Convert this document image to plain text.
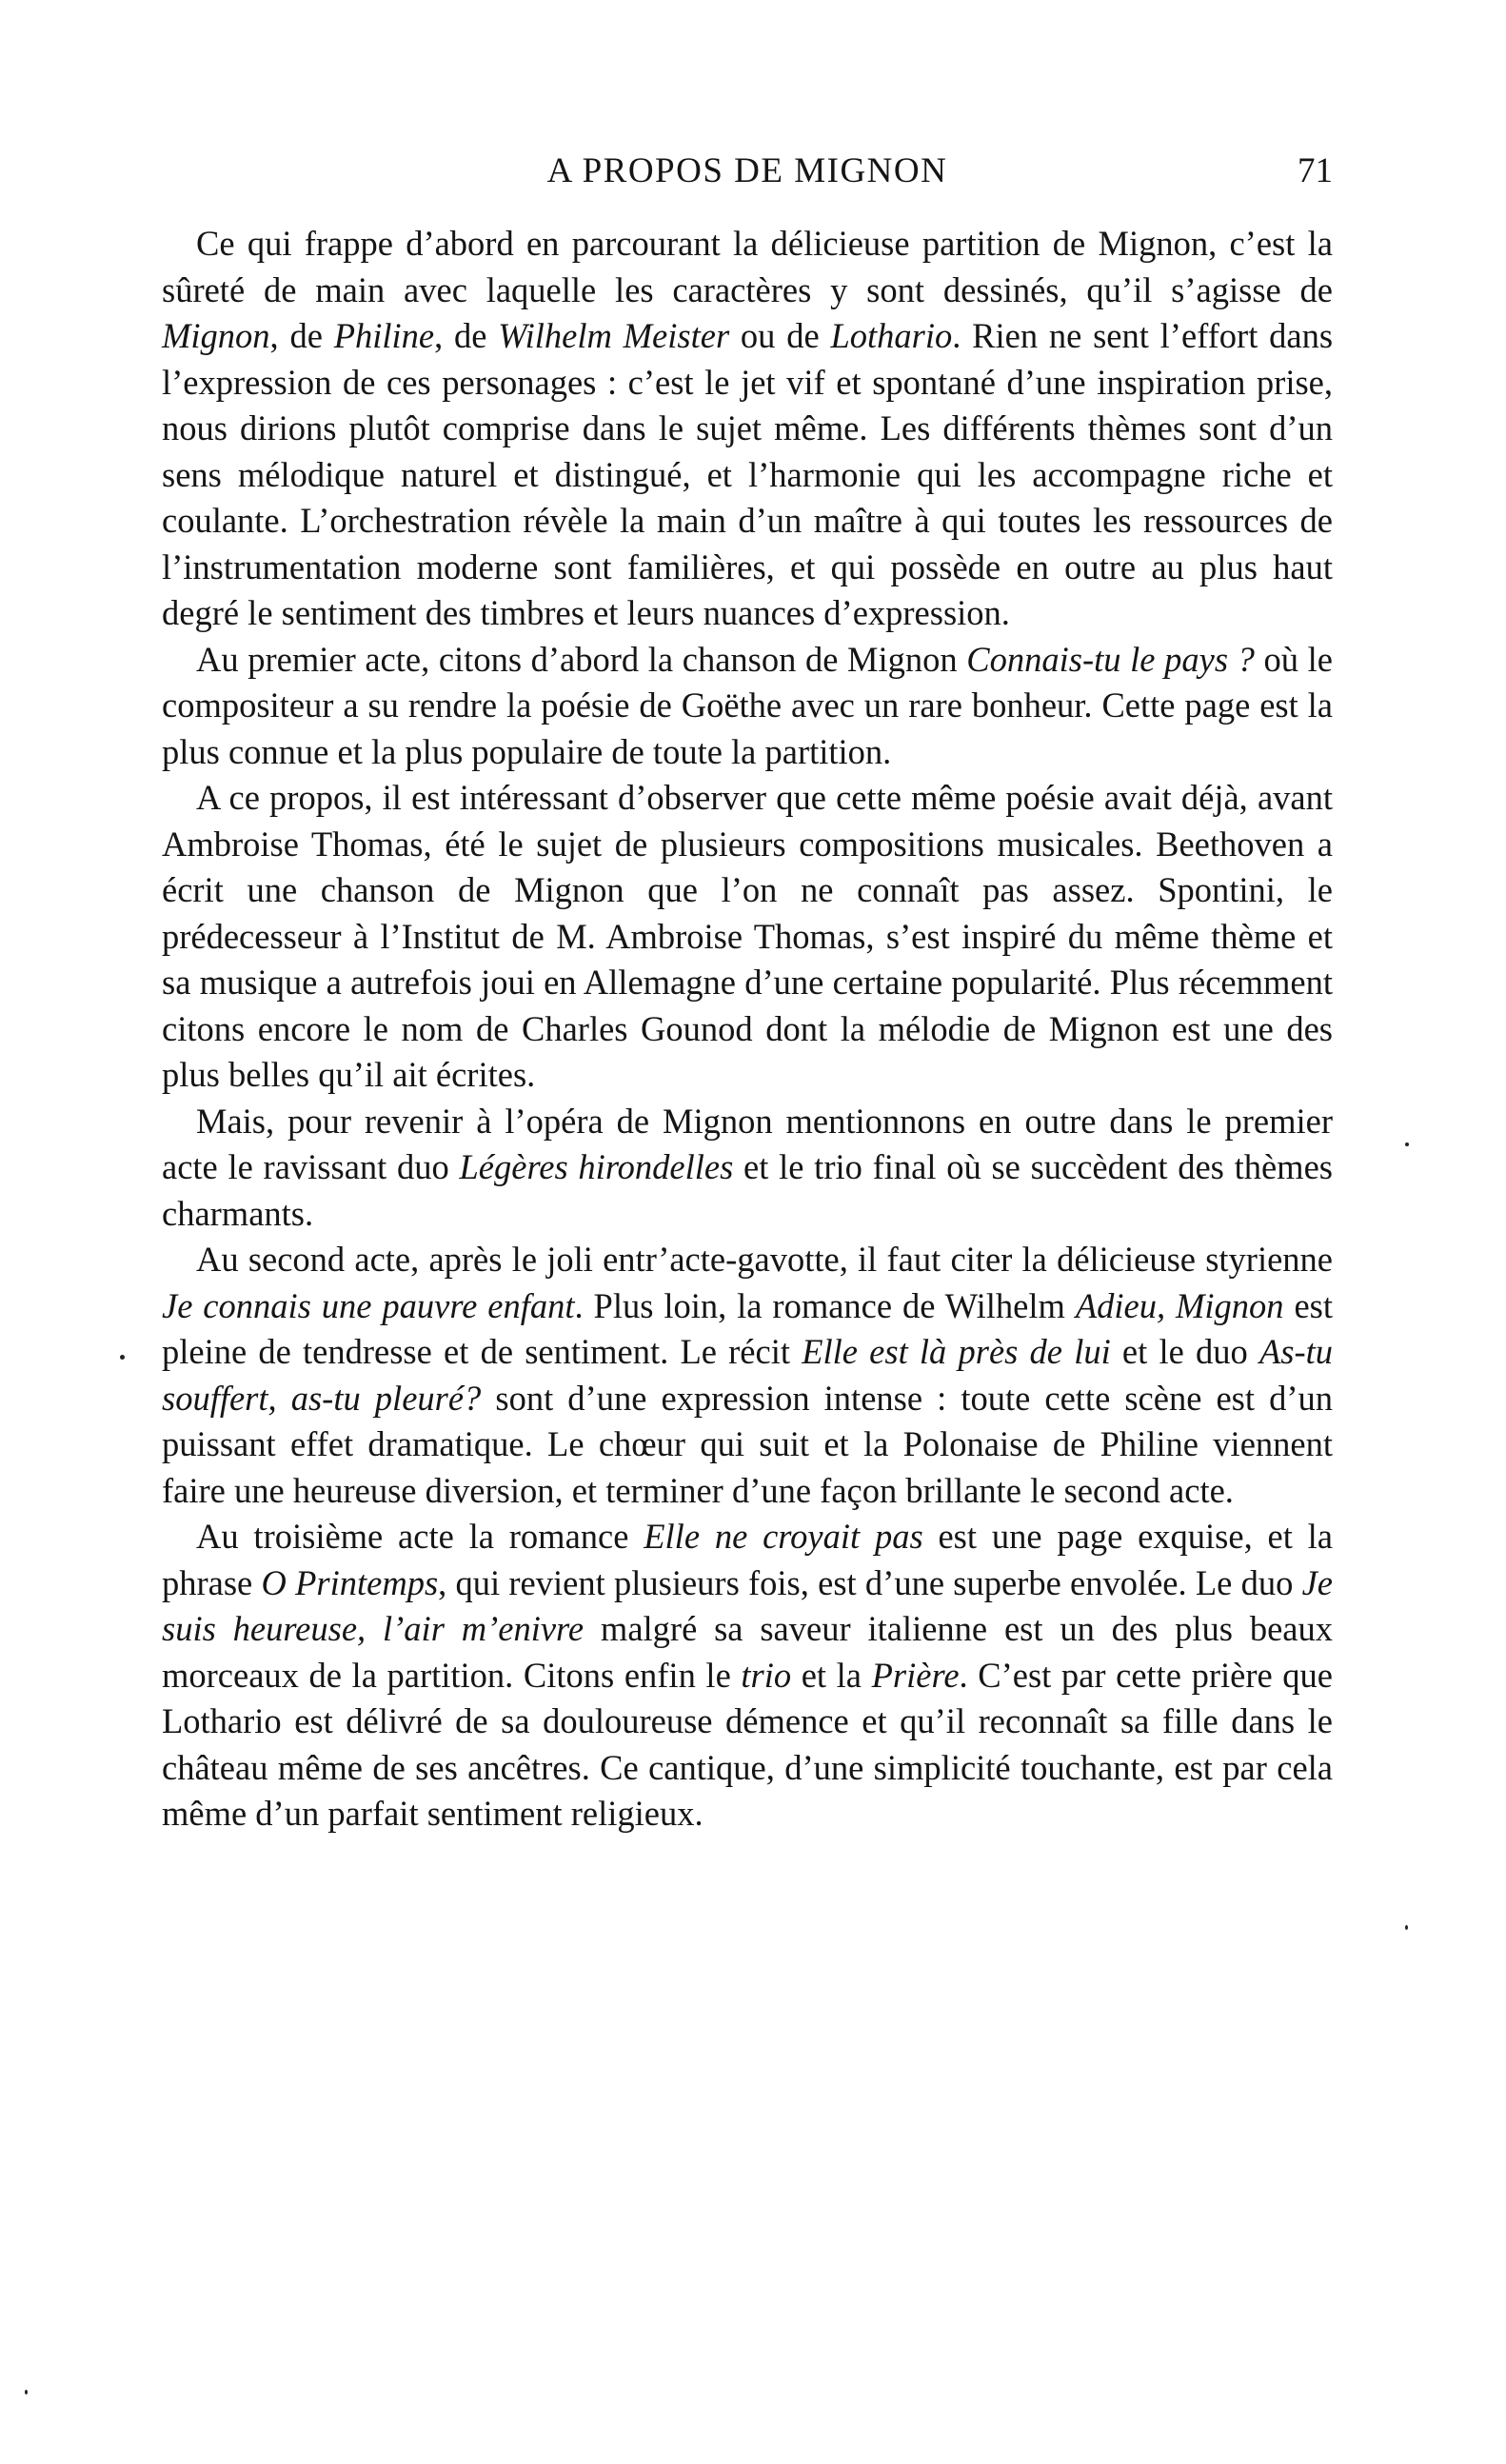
A PROPOS DE MIGNON	71

Ce qui frappe d’abord en parcourant la délicieuse partition de Mignon, c’est la sûreté de main avec laquelle les caractères y sont dessinés, qu’il s’agisse de Mignon, de Philine, de Wilhelm Meister ou de Lothario. Rien ne sent l’effort dans l’expression de ces personages : c’est le jet vif et spontané d’une inspiration prise, nous dirions plutôt comprise dans le sujet même. Les différents thèmes sont d’un sens mélodique naturel et distingué, et l’harmonie qui les accompagne riche et coulante. L’orchestration révèle la main d’un maître à qui toutes les ressources de l’instrumentation moderne sont familières, et qui possède en outre au plus haut degré le sentiment des timbres et leurs nuances d’expression.

Au premier acte, citons d’abord la chanson de Mignon Connais-tu le pays ? où le compositeur a su rendre la poésie de Goëthe avec un rare bonheur. Cette page est la plus connue et la plus populaire de toute la partition.

A ce propos, il est intéressant d’observer que cette même poésie avait déjà, avant Ambroise Thomas, été le sujet de plusieurs compositions musicales. Beethoven a écrit une chanson de Mignon que l’on ne connaît pas assez. Spontini, le prédecesseur à l’Institut de M. Ambroise Thomas, s’est inspiré du même thème et sa musique a autrefois joui en Allemagne d’une certaine popularité. Plus récemment citons encore le nom de Charles Gounod dont la mélodie de Mignon est une des plus belles qu’il ait écrites.

Mais, pour revenir à l’opéra de Mignon mentionnons en outre dans le premier acte le ravissant duo Légères hirondelles et le trio final où se succèdent des thèmes charmants.

Au second acte, après le joli entr’acte-gavotte, il faut citer la délicieuse styrienne Je connais une pauvre enfant. Plus loin, la romance de Wilhelm Adieu, Mignon est pleine de tendresse et de sentiment. Le récit Elle est là près de lui et le duo As-tu souffert, as-tu pleuré? sont d’une expression intense : toute cette scène est d’un puissant effet dramatique. Le chœur qui suit et la Polonaise de Philine viennent faire une heureuse diversion, et terminer d’une façon brillante le second acte.

Au troisième acte la romance Elle ne croyait pas est une page exquise, et la phrase O Printemps, qui revient plusieurs fois, est d’une superbe envolée. Le duo Je suis heureuse, l’air m’enivre malgré sa saveur italienne est un des plus beaux morceaux de la partition. Citons enfin le trio et la Prière. C’est par cette prière que Lothario est délivré de sa douloureuse démence et qu’il reconnaît sa fille dans le château même de ses ancêtres. Ce cantique, d’une simplicité touchante, est par cela même d’un parfait sentiment religieux.
